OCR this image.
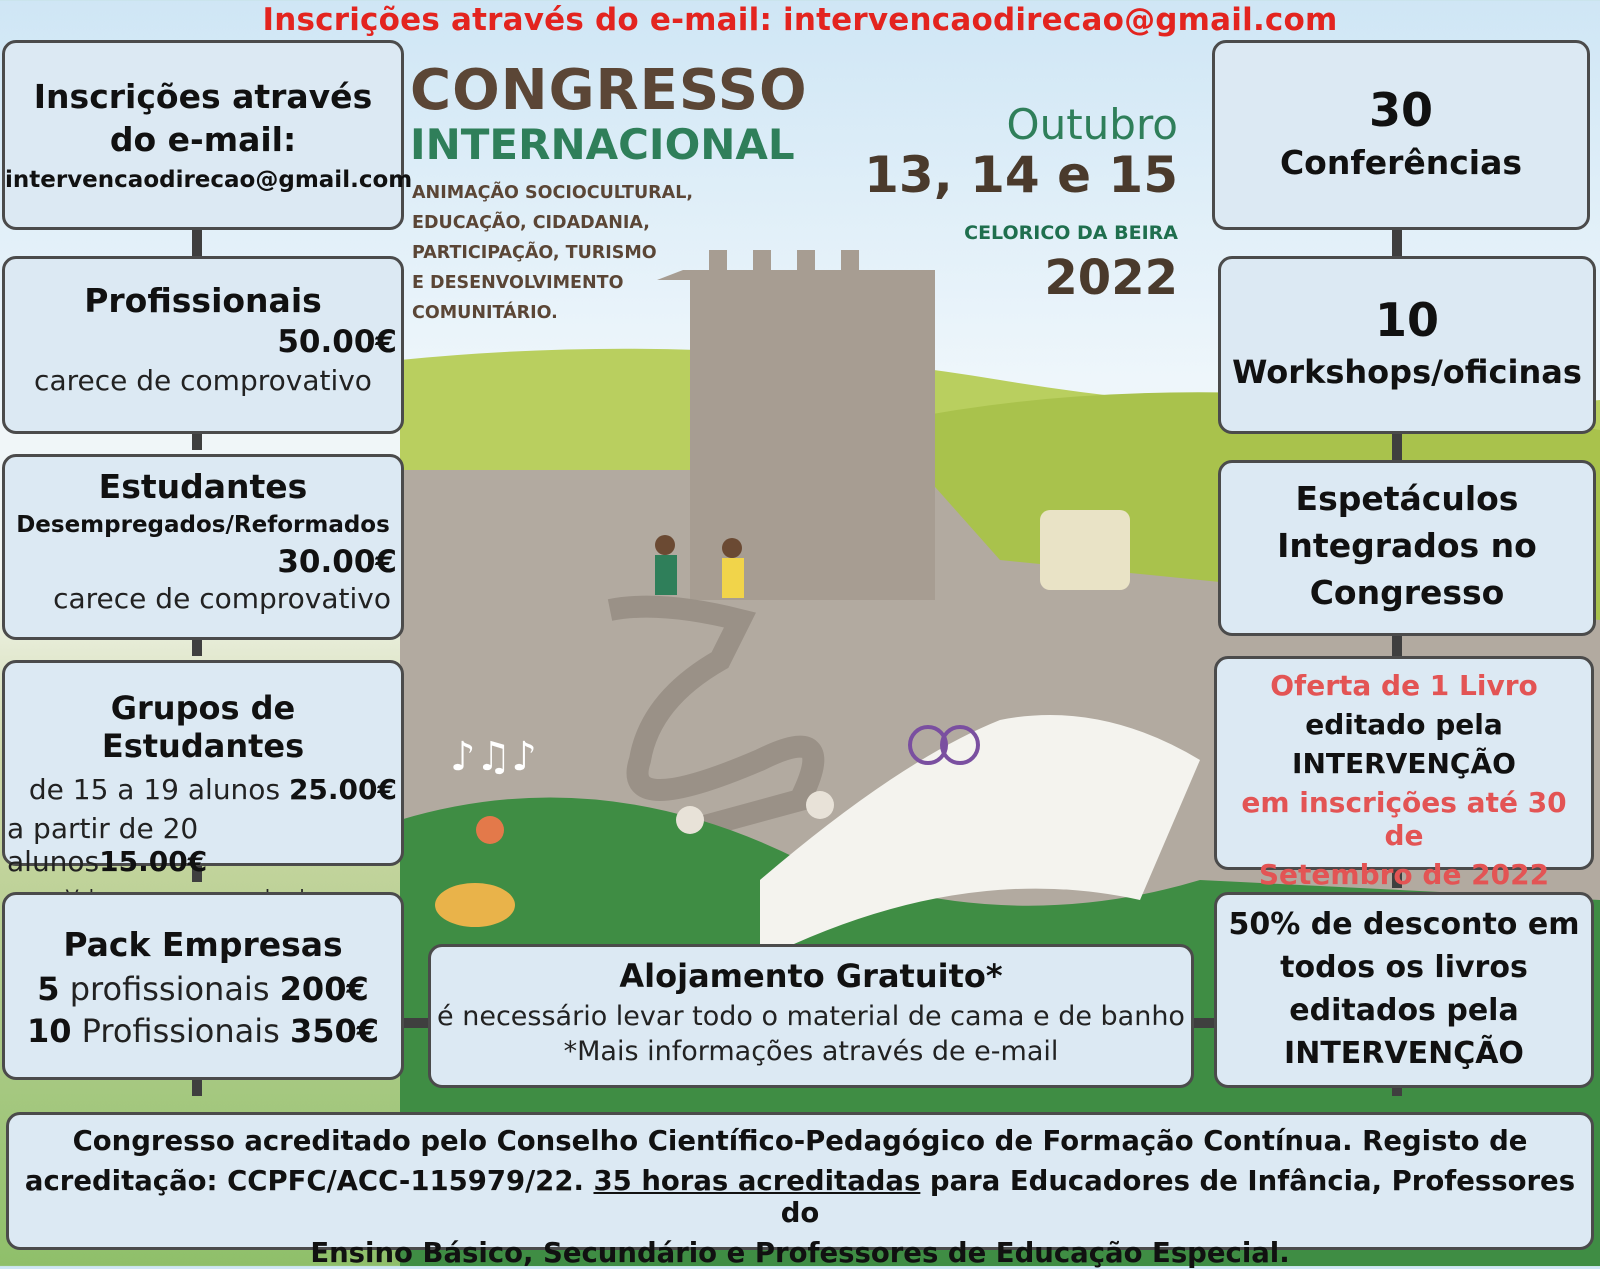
♪♫♪
Inscrições através do e-mail: intervencaodirecao@gmail.com
CONGRESSO
INTERNACIONAL
ANIMAÇÃO SOCIOCULTURAL,
EDUCAÇÃO, CIDADANIA,
PARTICIPAÇÃO, TURISMO
E DESENVOLVIMENTO
COMUNITÁRIO.
Outubro
13, 14 e 15
CELORICO DA BEIRA
2022
Inscrições através
do e-mail:
intervencaodirecao@gmail.com
Profissionais
50.00€
carece de comprovativo
Estudantes
Desempregados/Reformados
30.00€
carece de comprovativo
Grupos de Estudantes
de 15 a 19 alunos 25.00€
a partir de 20 alunos15.00€
Pack Empresas
5 profissionais 200€
10 Profissionais 350€
Alojamento Gratuito*
é necessário levar todo o material de cama e de banho
*Mais informações através de e-mail
30
Conferências
10
Workshops/oficinas
Espetáculos
Integrados no
Congresso
Oferta de 1 Livro
editado pela
INTERVENÇÃO
em inscrições até 30 de
Setembro de 2022
50% de desconto em
todos os livros
editados pela
INTERVENÇÃO
Congresso acreditado pelo Conselho Científico-Pedagógico de Formação Contínua. Registo de
acreditação: CCPFC/ACC-115979/22. 35 horas acreditadas para Educadores de Infância, Professores do
Ensino Básico, Secundário e Professores de Educação Especial.
